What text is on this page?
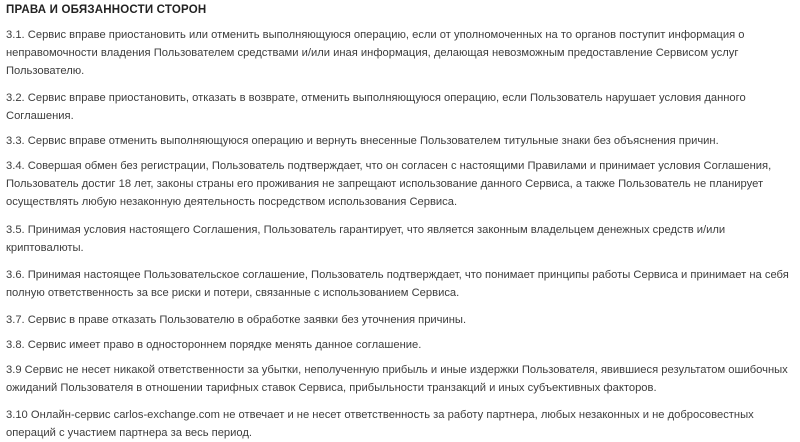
ПРАВА И ОБЯЗАННОСТИ СТОРОН

3.1. Сервис вправе приостановить или отменить выполняющуюся операцию, если от уполномоченных на то органов поступит информация о неправомочности владения Пользователем средствами и/или иная информация, делающая невозможным предоставление Сервисом услуг Пользователю.

3.2. Сервис вправе приостановить, отказать в возврате, отменить выполняющуюся операцию, если Пользователь нарушает условия данного Соглашения.

3.3. Сервис вправе отменить выполняющуюся операцию и вернуть внесенные Пользователем титульные знаки без объяснения причин.

3.4. Совершая обмен без регистрации, Пользователь подтверждает, что он согласен с настоящими Правилами и принимает условия Соглашения, Пользователь достиг 18 лет, законы страны его проживания не запрещают использование данного Сервиса, а также Пользователь не планирует осуществлять любую незаконную деятельность посредством использования Сервиса.

3.5. Принимая условия настоящего Соглашения, Пользователь гарантирует, что является законным владельцем денежных средств и/или криптовалюты.

3.6. Принимая настоящее Пользовательское соглашение, Пользователь подтверждает, что понимает принципы работы Сервиса и принимает на себя полную ответственность за все риски и потери, связанные с использованием Сервиса.

3.7. Сервис в праве отказать Пользователю в обработке заявки без уточнения причины.

3.8. Сервис имеет право в одностороннем порядке менять данное соглашение.

3.9 Сервис не несет никакой ответственности за убытки, неполученную прибыль и иные издержки Пользователя, явившиеся результатом ошибочных ожиданий Пользователя в отношении тарифных ставок Сервиса, прибыльности транзакций и иных субъективных факторов.

3.10 Онлайн-сервис carlos-exchange.com не отвечает и не несет ответственность за работу партнера, любых незаконных и не добросовестных операций с участием партнера за весь период.
